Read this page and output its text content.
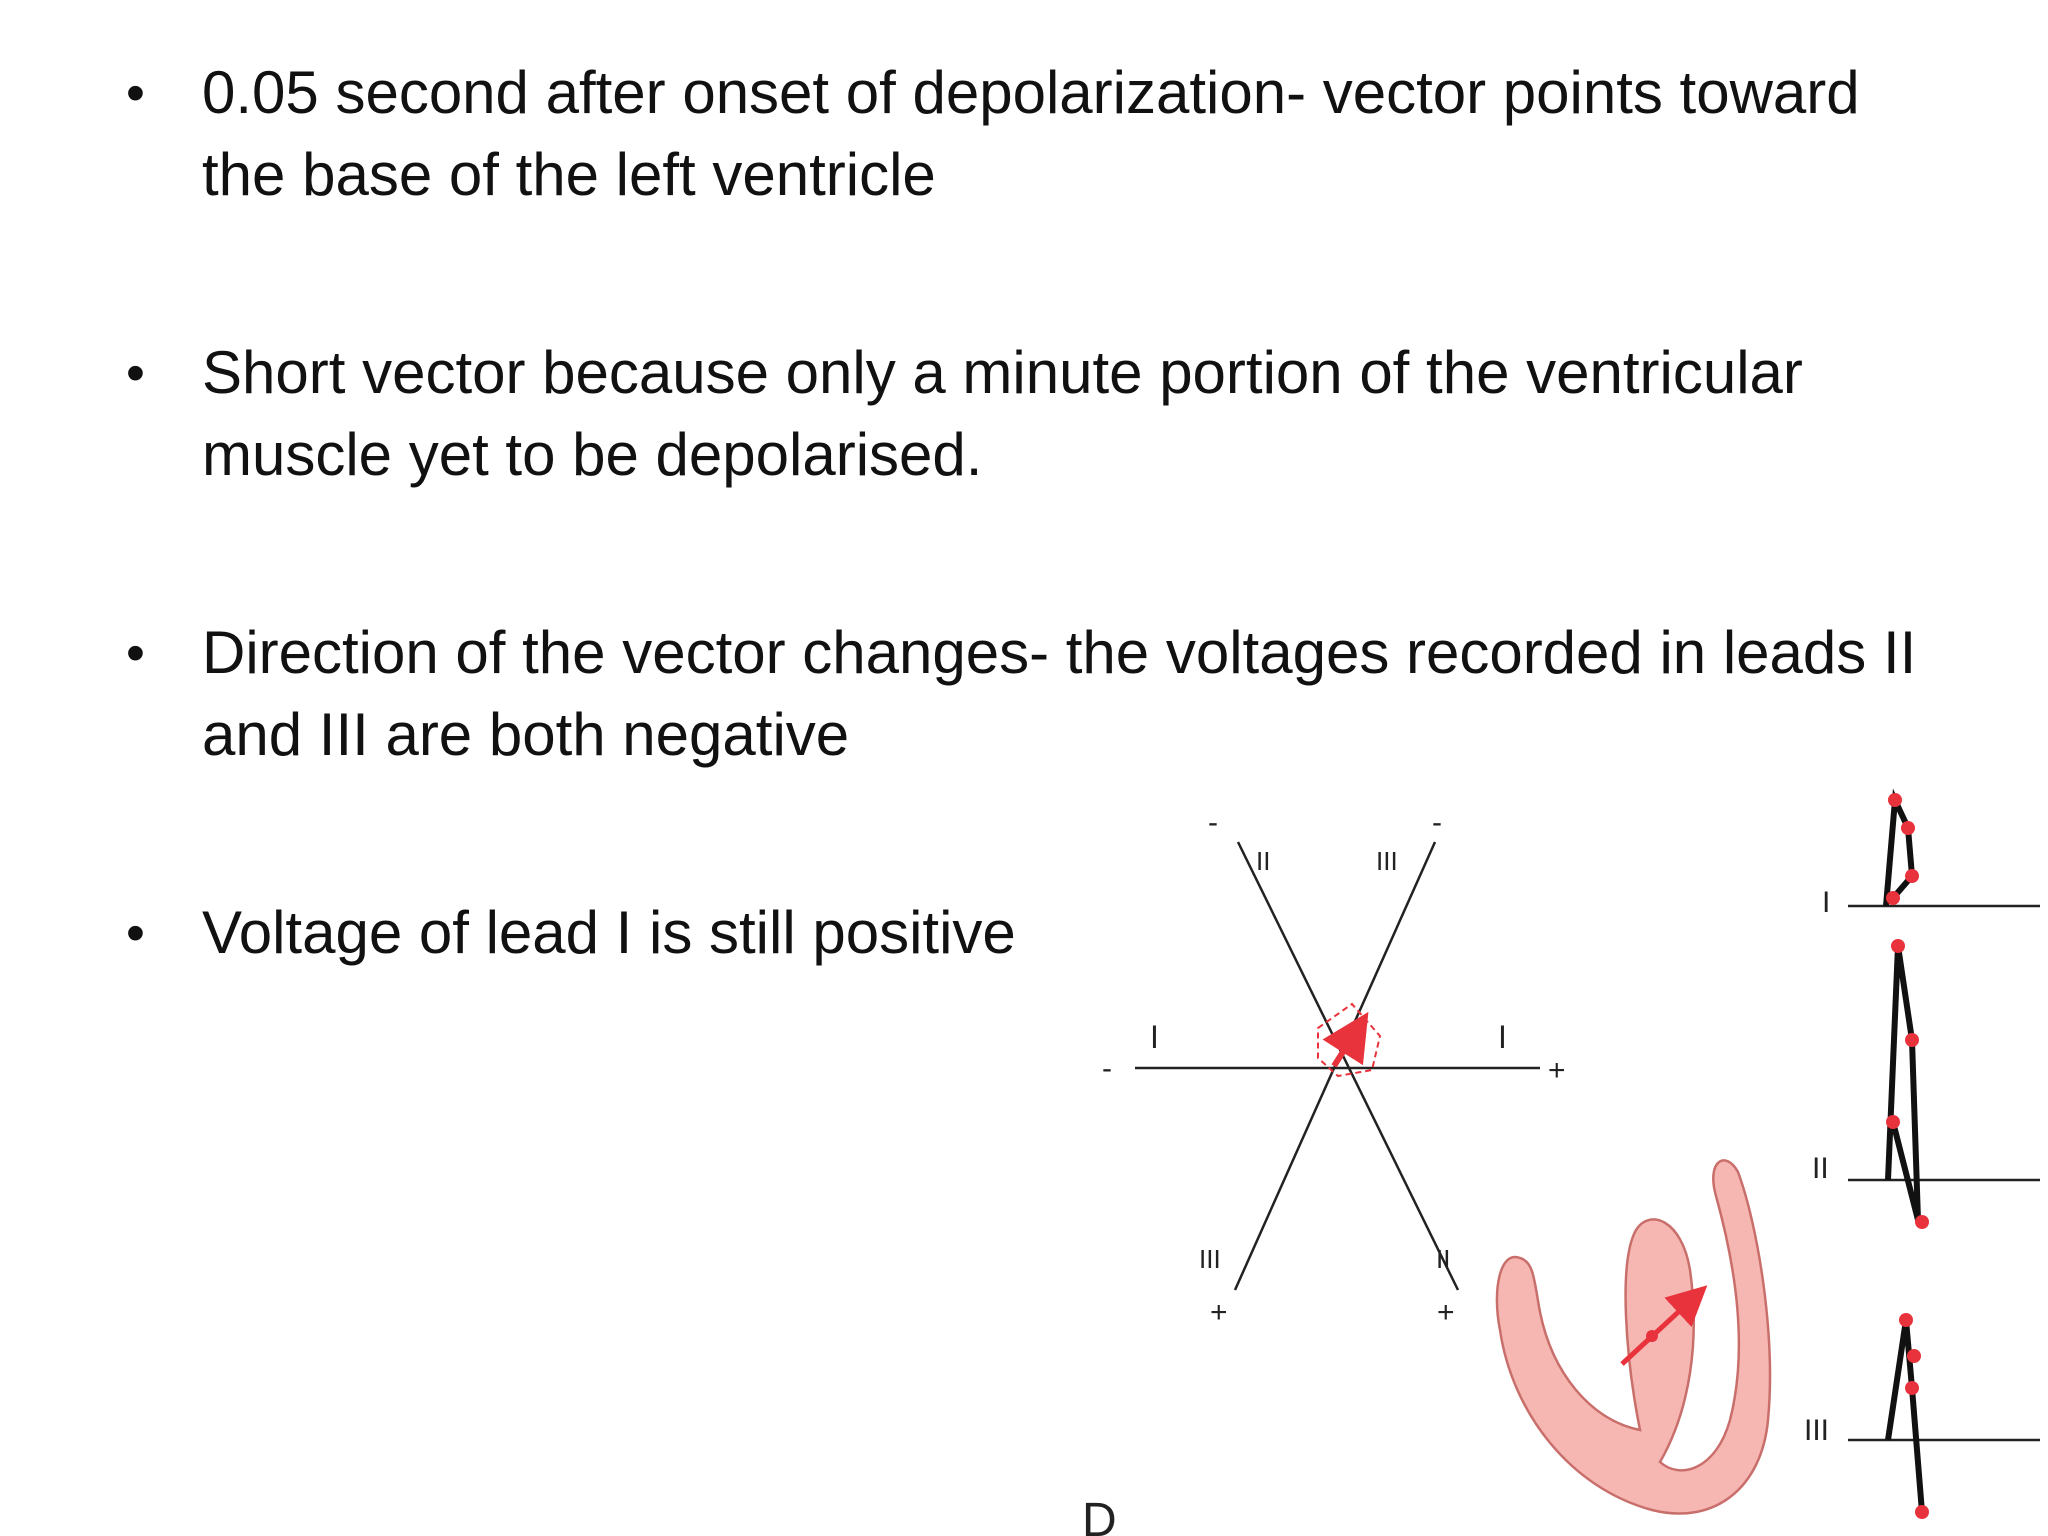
• 0.05 second after onset of depolarization- vector points toward the base of the left ventricle
• Short vector because only a minute portion of the ventricular muscle yet to be depolarised.
• Direction of the vector changes- the voltages recorded in leads II and III are both negative
• Voltage of lead I is still positive
I	I
II	III
III	II
-	+
-	-
+	+
I
II
III
D
